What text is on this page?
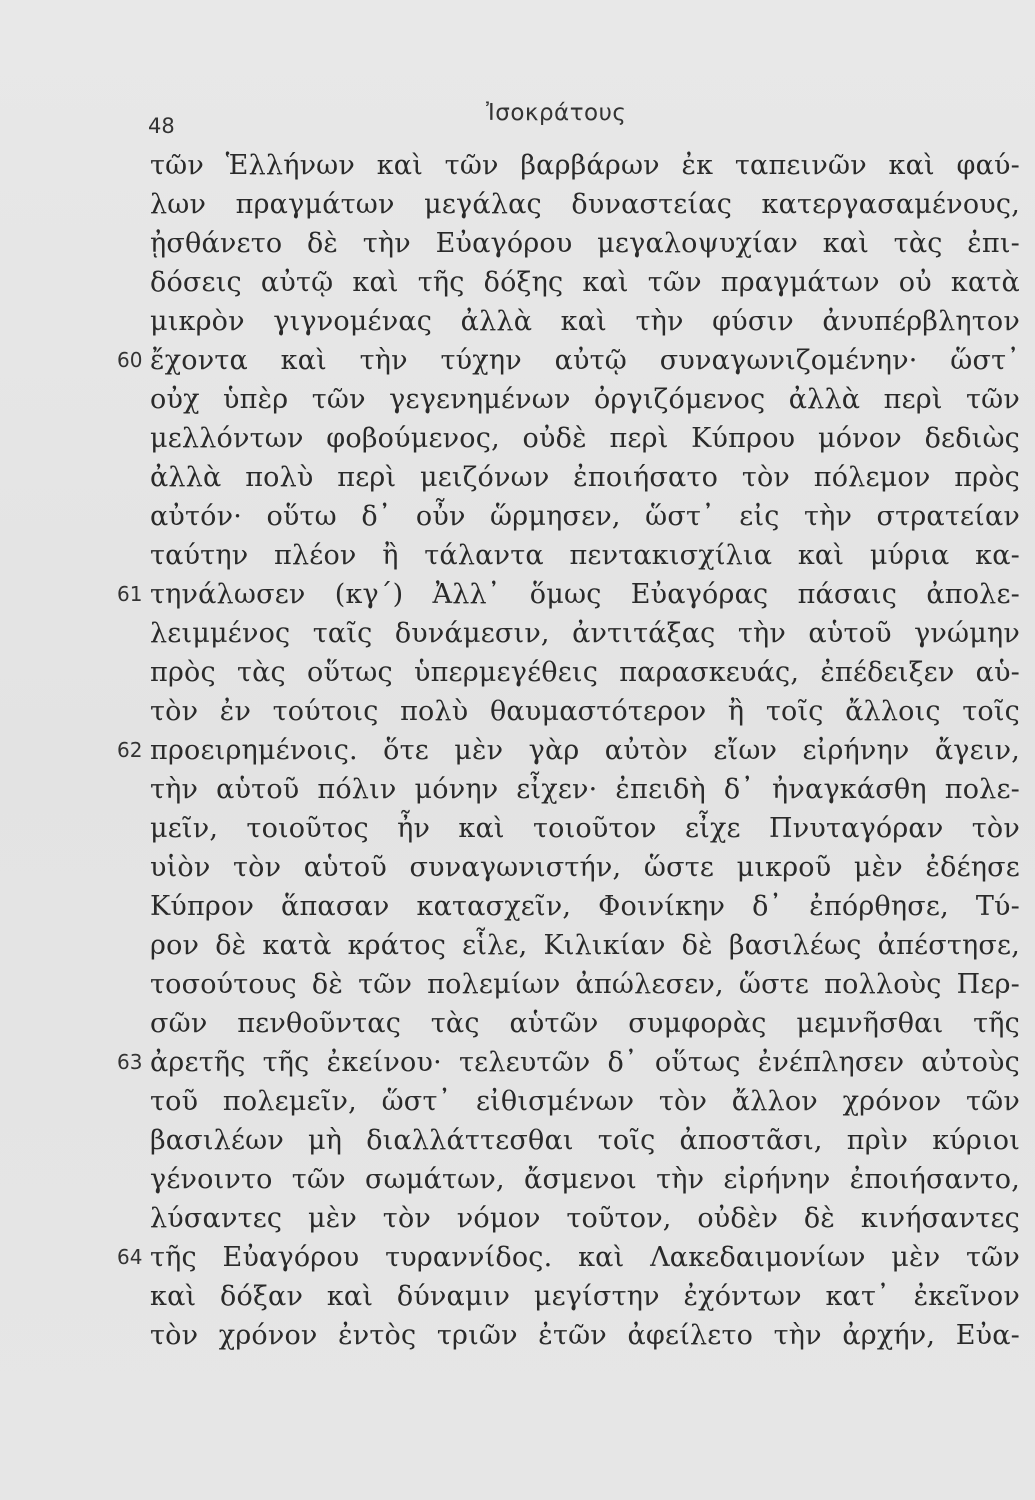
48	Ἰσοκράτους
τῶν Ἑλλήνων καὶ τῶν βαρβάρων ἐκ ταπεινῶν καὶ φαύ-
λων πραγμάτων μεγάλας δυναστείας κατεργασαμένους,
ᾐσθάνετο δὲ τὴν Εὐαγόρου μεγαλοψυχίαν καὶ τὰς ἐπι-
δόσεις αὐτῷ καὶ τῆς δόξης καὶ τῶν πραγμάτων οὐ κατὰ
μικρὸν γιγνομένας ἀλλὰ καὶ τὴν φύσιν ἀνυπέρβλητον
60 ἔχοντα καὶ τὴν τύχην αὐτῷ συναγωνιζομένην· ὥστ᾽
οὐχ ὑπὲρ τῶν γεγενημένων ὀργιζόμενος ἀλλὰ περὶ τῶν
μελλόντων φοβούμενος, οὐδὲ περὶ Κύπρου μόνον δεδιὼς
ἀλλὰ πολὺ περὶ μειζόνων ἐποιήσατο τὸν πόλεμον πρὸς
αὐτόν· οὕτω δ᾽ οὖν ὥρμησεν, ὥστ᾽ εἰς τὴν στρατείαν
ταύτην πλέον ἢ τάλαντα πεντακισχίλια καὶ μύρια κα-
61 τηνάλωσεν (κγ´) Ἀλλ᾽ ὅμως Εὐαγόρας πάσαις ἀπολε-
λειμμένος ταῖς δυνάμεσιν, ἀντιτάξας τὴν αὑτοῦ γνώμην
πρὸς τὰς οὕτως ὑπερμεγέθεις παρασκευάς, ἐπέδειξεν αὑ-
τὸν ἐν τούτοις πολὺ θαυμαστότερον ἢ τοῖς ἄλλοις τοῖς
62 προειρημένοις. ὅτε μὲν γὰρ αὐτὸν εἴων εἰρήνην ἄγειν,
τὴν αὑτοῦ πόλιν μόνην εἶχεν· ἐπειδὴ δ᾽ ἠναγκάσθη πολε-
μεῖν, τοιοῦτος ἦν καὶ τοιοῦτον εἶχε Πνυταγόραν τὸν
υἱὸν τὸν αὑτοῦ συναγωνιστήν, ὥστε μικροῦ μὲν ἐδέησε
Κύπρον ἅπασαν κατασχεῖν, Φοινίκην δ᾽ ἐπόρθησε, Τύ-
ρον δὲ κατὰ κράτος εἷλε, Κιλικίαν δὲ βασιλέως ἀπέστησε,
τοσούτους δὲ τῶν πολεμίων ἀπώλεσεν, ὥστε πολλοὺς Περ-
σῶν πενθοῦντας τὰς αὑτῶν συμφορὰς μεμνῆσθαι τῆς
63 ἀρετῆς τῆς ἐκείνου· τελευτῶν δ᾽ οὕτως ἐνέπλησεν αὐτοὺς
τοῦ πολεμεῖν, ὥστ᾽ εἰθισμένων τὸν ἄλλον χρόνον τῶν
βασιλέων μὴ διαλλάττεσθαι τοῖς ἀποστᾶσι, πρὶν κύριοι
γένοιντο τῶν σωμάτων, ἄσμενοι τὴν εἰρήνην ἐποιήσαντο,
λύσαντες μὲν τὸν νόμον τοῦτον, οὐδὲν δὲ κινήσαντες
64 τῆς Εὐαγόρου τυραννίδος. καὶ Λακεδαιμονίων μὲν τῶν
καὶ δόξαν καὶ δύναμιν μεγίστην ἐχόντων κατ᾽ ἐκεῖνον
τὸν χρόνον ἐντὸς τριῶν ἐτῶν ἀφείλετο τὴν ἀρχήν, Εὐα-
